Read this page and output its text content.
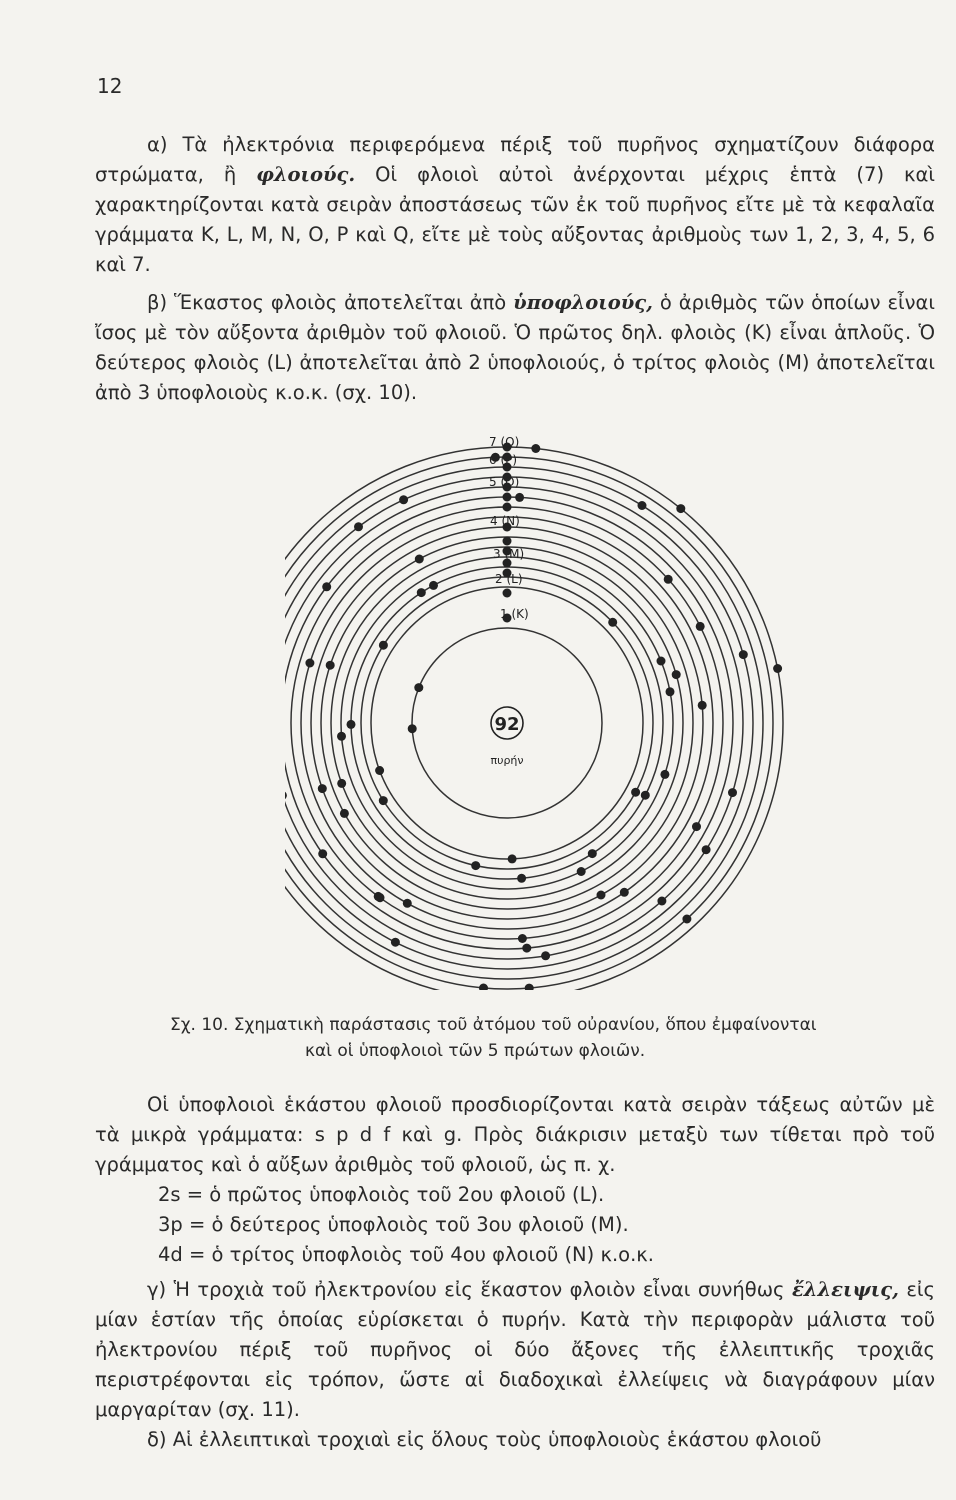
12

α) Τὰ ἠλεκτρόνια περιφερόμενα πέριξ τοῦ πυρῆνος σχηματίζουν διάφορα στρώματα, ἢ φλοιούς. Οἱ φλοιοὶ αὐτοὶ ἀνέρχονται μέχρις ἑπτὰ (7) καὶ χαρακτηρίζονται κατὰ σειρὰν ἀποστάσεως τῶν ἐκ τοῦ πυρῆνος εἴτε μὲ τὰ κεφαλαῖα γράμματα K, L, M, N, O, P καὶ Q, εἴτε μὲ τοὺς αὔξοντας ἀριθμοὺς των 1, 2, 3, 4, 5, 6 καὶ 7.

β) Ἕκαστος φλοιὸς ἀποτελεῖται ἀπὸ ὑποφλοιούς, ὁ ἀριθμὸς τῶν ὁποίων εἶναι ἴσος μὲ τὸν αὔξοντα ἀριθμὸν τοῦ φλοιοῦ. Ὁ πρῶτος δηλ. φλοιὸς (K) εἶναι ἁπλοῦς. Ὁ δεύτερος φλοιὸς (L) ἀποτελεῖται ἀπὸ 2 ὑποφλοιούς, ὁ τρίτος φλοιὸς (M) ἀποτελεῖται ἀπὸ 3 ὑποφλοιοὺς κ.ο.κ. (σχ. 10).

92
πυρήν
1 (K)
2 (L)
3 (M)
4 (N)
5 (O)
6 (P)
7 (Q)
Σχ. 10. Σχηματικὴ παράστασις τοῦ ἀτόμου τοῦ οὐρανίου, ὅπου ἐμφαίνονται
καὶ οἱ ὑποφλοιοὶ τῶν 5 πρώτων φλοιῶν.

Οἱ ὑποφλοιοὶ ἑκάστου φλοιοῦ προσδιορίζονται κατὰ σειρὰν τάξεως αὐτῶν μὲ τὰ μικρὰ γράμματα: s p d f καὶ g. Πρὸς διάκρισιν μεταξὺ των τίθεται πρὸ τοῦ γράμματος καὶ ὁ αὔξων ἀριθμὸς τοῦ φλοιοῦ, ὡς π. χ.

2s = ὁ πρῶτος ὑποφλοιὸς τοῦ 2ου φλοιοῦ (L).
3p = ὁ δεύτερος ὑποφλοιὸς τοῦ 3ου φλοιοῦ (M).
4d = ὁ τρίτος ὑποφλοιὸς τοῦ 4ου φλοιοῦ (N) κ.ο.κ.

γ) Ἡ τροχιὰ τοῦ ἠλεκτρονίου εἰς ἕκαστον φλοιὸν εἶναι συνήθως ἔλλειψις, εἰς μίαν ἑστίαν τῆς ὁποίας εὑρίσκεται ὁ πυρήν. Κατὰ τὴν περιφορὰν μάλιστα τοῦ ἠλεκτρονίου πέριξ τοῦ πυρῆνος οἱ δύο ἄξονες τῆς ἐλλειπτικῆς τροχιᾶς περιστρέφονται εἰς τρόπον, ὥστε αἱ διαδοχικαὶ ἐλλείψεις νὰ διαγράφουν μίαν μαργαρίταν (σχ. 11).

δ) Αἱ ἐλλειπτικαὶ τροχιαὶ εἰς ὅλους τοὺς ὑποφλοιοὺς ἑκάστου φλοιοῦ
